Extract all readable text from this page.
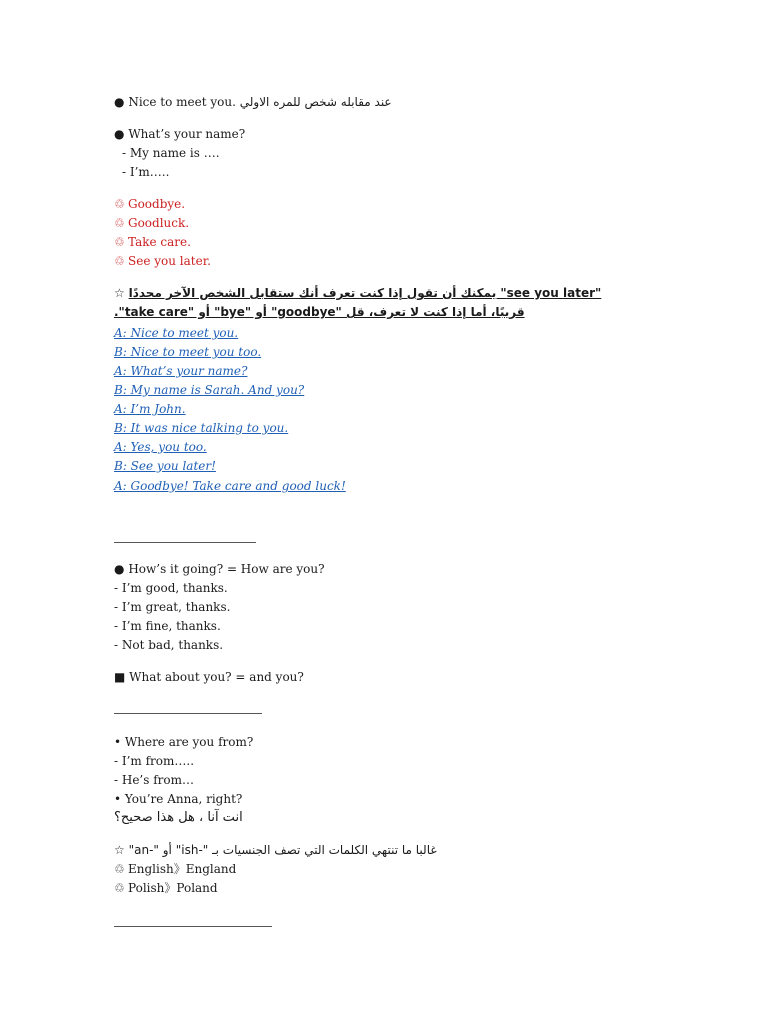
● Nice to meet you. عند مقابله شخص للمره الاولي
● What’s your name?
- My name is ….
- I’m…..
♲ Goodbye.
♲ Goodluck.
♲ Take care.
♲ See you later.
☆ "see you later" يمكنك أن تقول إذا كنت تعرف أنك ستقابل الشخص الآخر محددًا
قريبًا، أما إذا كنت لا تعرف، قل "goodbye" أو "bye" أو "take care".
A: Nice to meet you.
B: Nice to meet you too.
A: What’s your name?
B: My name is Sarah. And you?
A: I’m John.
B: It was nice talking to you.
A: Yes, you too.
B: See you later!
A: Goodbye! Take care and good luck!
● How’s it going? = How are you?
- I’m good, thanks.
- I’m great, thanks.
- I’m fine, thanks.
- Not bad, thanks.
■ What about you? = and you?
• Where are you from?
- I’m from…..
- He’s from…
• You’re Anna, right?
انت آنا ، هل هذا صحيح؟
☆ غالبا ما تنتهي الكلمات التي تصف الجنسيات بـ "-ish" أو "-an"
♲ English》England
♲ Polish》Poland
